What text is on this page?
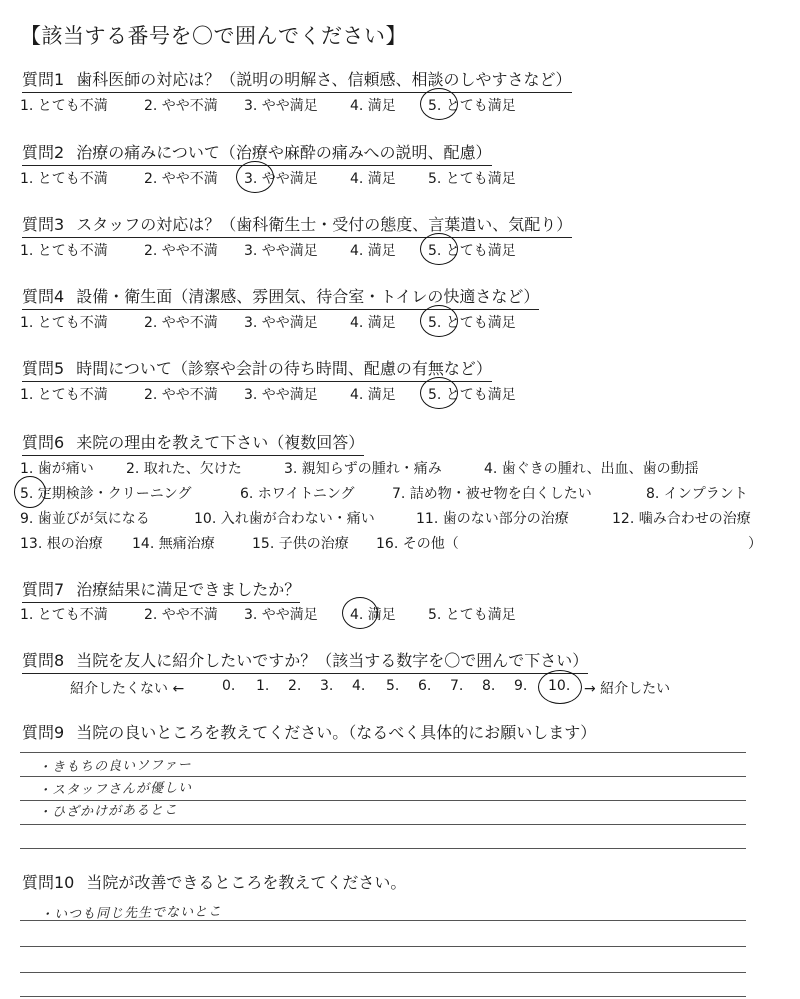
【該当する番号を〇で囲んでください】
質問1 歯科医師の対応は？（説明の明解さ、信頼感、相談のしやすさなど）
1. とても不満	2. やや不満 3. やや満足 4. 満足 5. とても満足
質問2 治療の痛みについて（治療や麻酔の痛みへの説明、配慮）
1. とても不満	2. やや不満 3. やや満足 4. 満足 5. とても満足
質問3 スタッフの対応は？（歯科衛生士・受付の態度、言葉遣い、気配り）
1. とても不満	2. やや不満 3. やや満足 4. 満足 5. とても満足
質問4 設備・衛生面（清潔感、雰囲気、待合室・トイレの快適さなど）
1. とても不満	2. やや不満 3. やや満足 4. 満足 5. とても満足
質問5 時間について（診察や会計の待ち時間、配慮の有無など）
1. とても不満	2. やや不満 3. やや満足 4. 満足 5. とても満足
質問6 来院の理由を教えて下さい（複数回答）
1. 歯が痛い 2. 取れた、欠けた	3. 親知らずの腫れ・痛み	4. 歯ぐきの腫れ、出血、歯の動揺
5. 定期検診・クリーニング	6. ホワイトニング	7. 詰め物・被せ物を白くしたい	8. インプラント
9. 歯並びが気になる	10. 入れ歯が合わない・痛い	11. 歯のない部分の治療	12. 噛み合わせの治療
13. 根の治療 14. 無痛治療	15. 子供の治療 16. その他（	）
質問7 治療結果に満足できましたか？
1. とても不満	2. やや不満 3. やや満足 4. 満足 5. とても満足
質問8 当院を友人に紹介したいですか？（該当する数字を〇で囲んで下さい）
紹介したくない ←	0. 1. 2. 3. 4. 5. 6. 7. 8. 9. 10. → 紹介したい
質問9 当院の良いところを教えてください。（なるべく具体的にお願いします）
・きもちの良いソファー
・スタッフさんが優しい
・ひざかけがあるとこ
質問10 当院が改善できるところを教えてください。
・いつも同じ先生でないとこ
